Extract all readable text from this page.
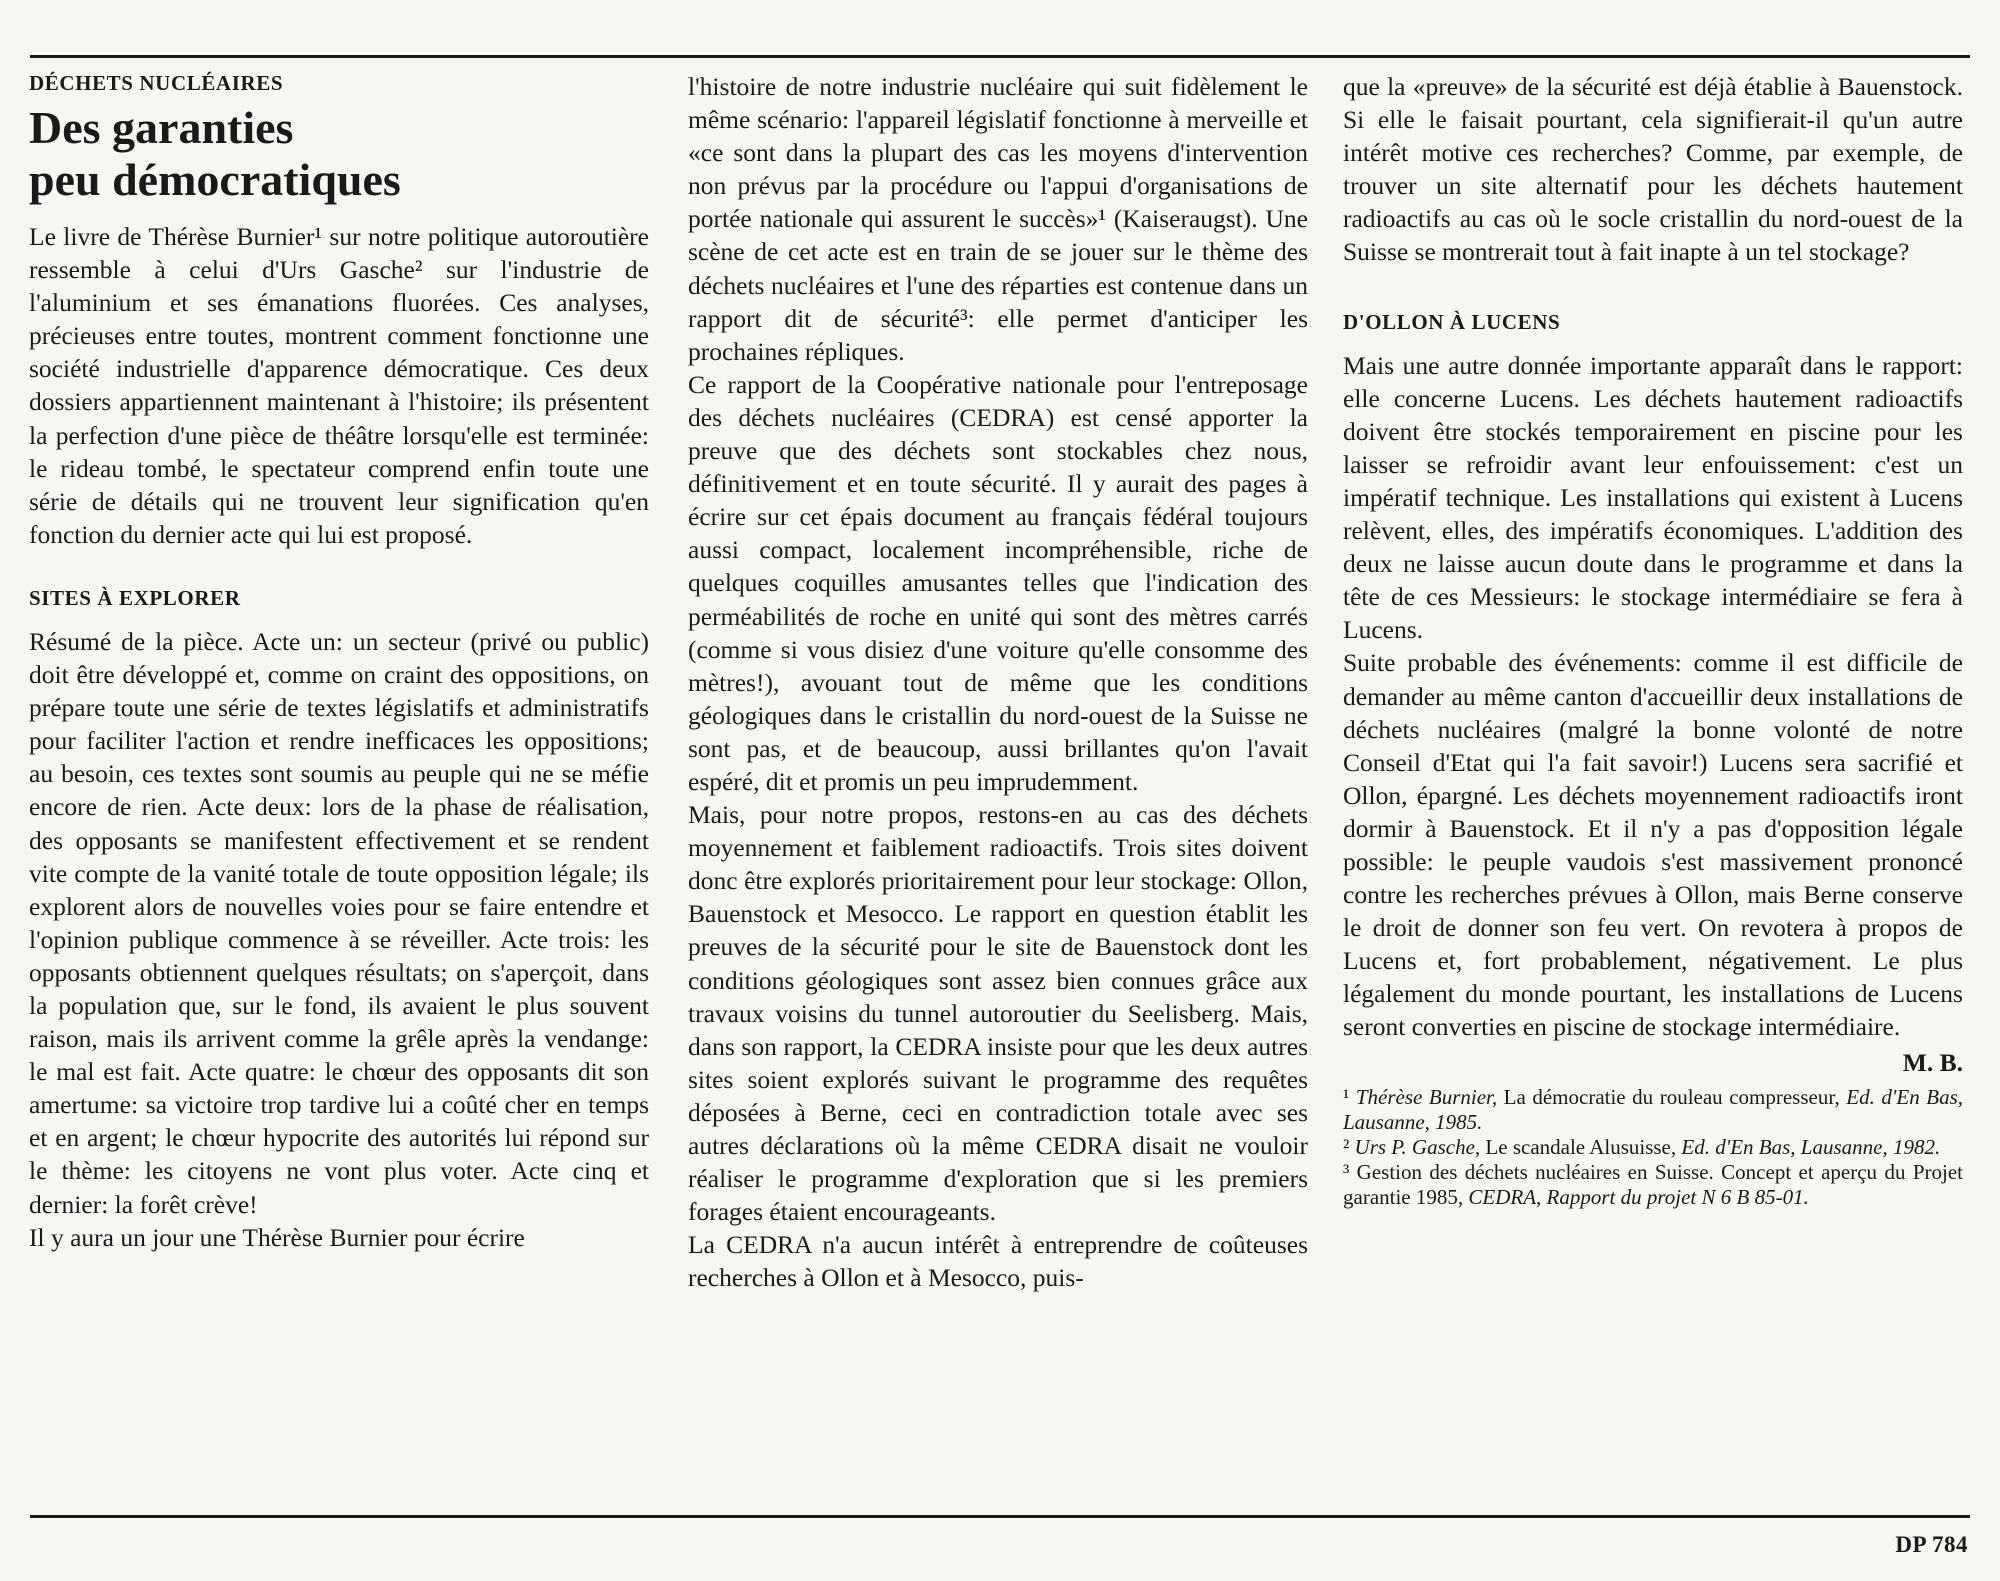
DÉCHETS NUCLÉAIRES
Des garanties
peu démocratiques

Le livre de Thérèse Burnier¹ sur notre politique autoroutière ressemble à celui d'Urs Gasche² sur l'industrie de l'aluminium et ses émanations fluorées. Ces analyses, précieuses entre toutes, montrent comment fonctionne une société industrielle d'apparence démocratique. Ces deux dossiers appartiennent maintenant à l'histoire; ils présentent la perfection d'une pièce de théâtre lorsqu'elle est terminée: le rideau tombé, le spectateur comprend enfin toute une série de détails qui ne trouvent leur signification qu'en fonction du dernier acte qui lui est proposé.

SITES À EXPLORER

Résumé de la pièce. Acte un: un secteur (privé ou public) doit être développé et, comme on craint des oppositions, on prépare toute une série de textes législatifs et administratifs pour faciliter l'action et rendre inefficaces les oppositions; au besoin, ces textes sont soumis au peuple qui ne se méfie encore de rien. Acte deux: lors de la phase de réalisation, des opposants se manifestent effectivement et se rendent vite compte de la vanité totale de toute opposition légale; ils explorent alors de nouvelles voies pour se faire entendre et l'opinion publique commence à se réveiller. Acte trois: les opposants obtiennent quelques résultats; on s'aperçoit, dans la population que, sur le fond, ils avaient le plus souvent raison, mais ils arrivent comme la grêle après la vendange: le mal est fait. Acte quatre: le chœur des opposants dit son amertume: sa victoire trop tardive lui a coûté cher en temps et en argent; le chœur hypocrite des autorités lui répond sur le thème: les citoyens ne vont plus voter. Acte cinq et dernier: la forêt crève!

Il y aura un jour une Thérèse Burnier pour écrire

l'histoire de notre industrie nucléaire qui suit fidèlement le même scénario: l'appareil législatif fonctionne à merveille et «ce sont dans la plupart des cas les moyens d'intervention non prévus par la procédure ou l'appui d'organisations de portée nationale qui assurent le succès»¹ (Kaiseraugst). Une scène de cet acte est en train de se jouer sur le thème des déchets nucléaires et l'une des réparties est contenue dans un rapport dit de sécurité³: elle permet d'anticiper les prochaines répliques.

Ce rapport de la Coopérative nationale pour l'entreposage des déchets nucléaires (CEDRA) est censé apporter la preuve que des déchets sont stockables chez nous, définitivement et en toute sécurité. Il y aurait des pages à écrire sur cet épais document au français fédéral toujours aussi compact, localement incompréhensible, riche de quelques coquilles amusantes telles que l'indication des perméabilités de roche en unité qui sont des mètres carrés (comme si vous disiez d'une voiture qu'elle consomme des mètres!), avouant tout de même que les conditions géologiques dans le cristallin du nord-ouest de la Suisse ne sont pas, et de beaucoup, aussi brillantes qu'on l'avait espéré, dit et promis un peu imprudemment.

Mais, pour notre propos, restons-en au cas des déchets moyennement et faiblement radioactifs. Trois sites doivent donc être explorés prioritairement pour leur stockage: Ollon, Bauenstock et Mesocco. Le rapport en question établit les preuves de la sécurité pour le site de Bauenstock dont les conditions géologiques sont assez bien connues grâce aux travaux voisins du tunnel autoroutier du Seelisberg. Mais, dans son rapport, la CEDRA insiste pour que les deux autres sites soient explorés suivant le programme des requêtes déposées à Berne, ceci en contradiction totale avec ses autres déclarations où la même CEDRA disait ne vouloir réaliser le programme d'exploration que si les premiers forages étaient encourageants.

La CEDRA n'a aucun intérêt à entreprendre de coûteuses recherches à Ollon et à Mesocco, puis-

que la «preuve» de la sécurité est déjà établie à Bauenstock. Si elle le faisait pourtant, cela signifierait-il qu'un autre intérêt motive ces recherches? Comme, par exemple, de trouver un site alternatif pour les déchets hautement radioactifs au cas où le socle cristallin du nord-ouest de la Suisse se montrerait tout à fait inapte à un tel stockage?

D'OLLON À LUCENS

Mais une autre donnée importante apparaît dans le rapport: elle concerne Lucens. Les déchets hautement radioactifs doivent être stockés temporairement en piscine pour les laisser se refroidir avant leur enfouissement: c'est un impératif technique. Les installations qui existent à Lucens relèvent, elles, des impératifs économiques. L'addition des deux ne laisse aucun doute dans le programme et dans la tête de ces Messieurs: le stockage intermédiaire se fera à Lucens.

Suite probable des événements: comme il est difficile de demander au même canton d'accueillir deux installations de déchets nucléaires (malgré la bonne volonté de notre Conseil d'Etat qui l'a fait savoir!) Lucens sera sacrifié et Ollon, épargné. Les déchets moyennement radioactifs iront dormir à Bauenstock. Et il n'y a pas d'opposition légale possible: le peuple vaudois s'est massivement prononcé contre les recherches prévues à Ollon, mais Berne conserve le droit de donner son feu vert. On revotera à propos de Lucens et, fort probablement, négativement. Le plus légalement du monde pourtant, les installations de Lucens seront converties en piscine de stockage intermédiaire.

M. B.

¹ Thérèse Burnier, La démocratie du rouleau compresseur, Ed. d'En Bas, Lausanne, 1985.

² Urs P. Gasche, Le scandale Alusuisse, Ed. d'En Bas, Lausanne, 1982.

³ Gestion des déchets nucléaires en Suisse. Concept et aperçu du Projet garantie 1985, CEDRA, Rapport du projet N 6 B 85-01.

DP 784
